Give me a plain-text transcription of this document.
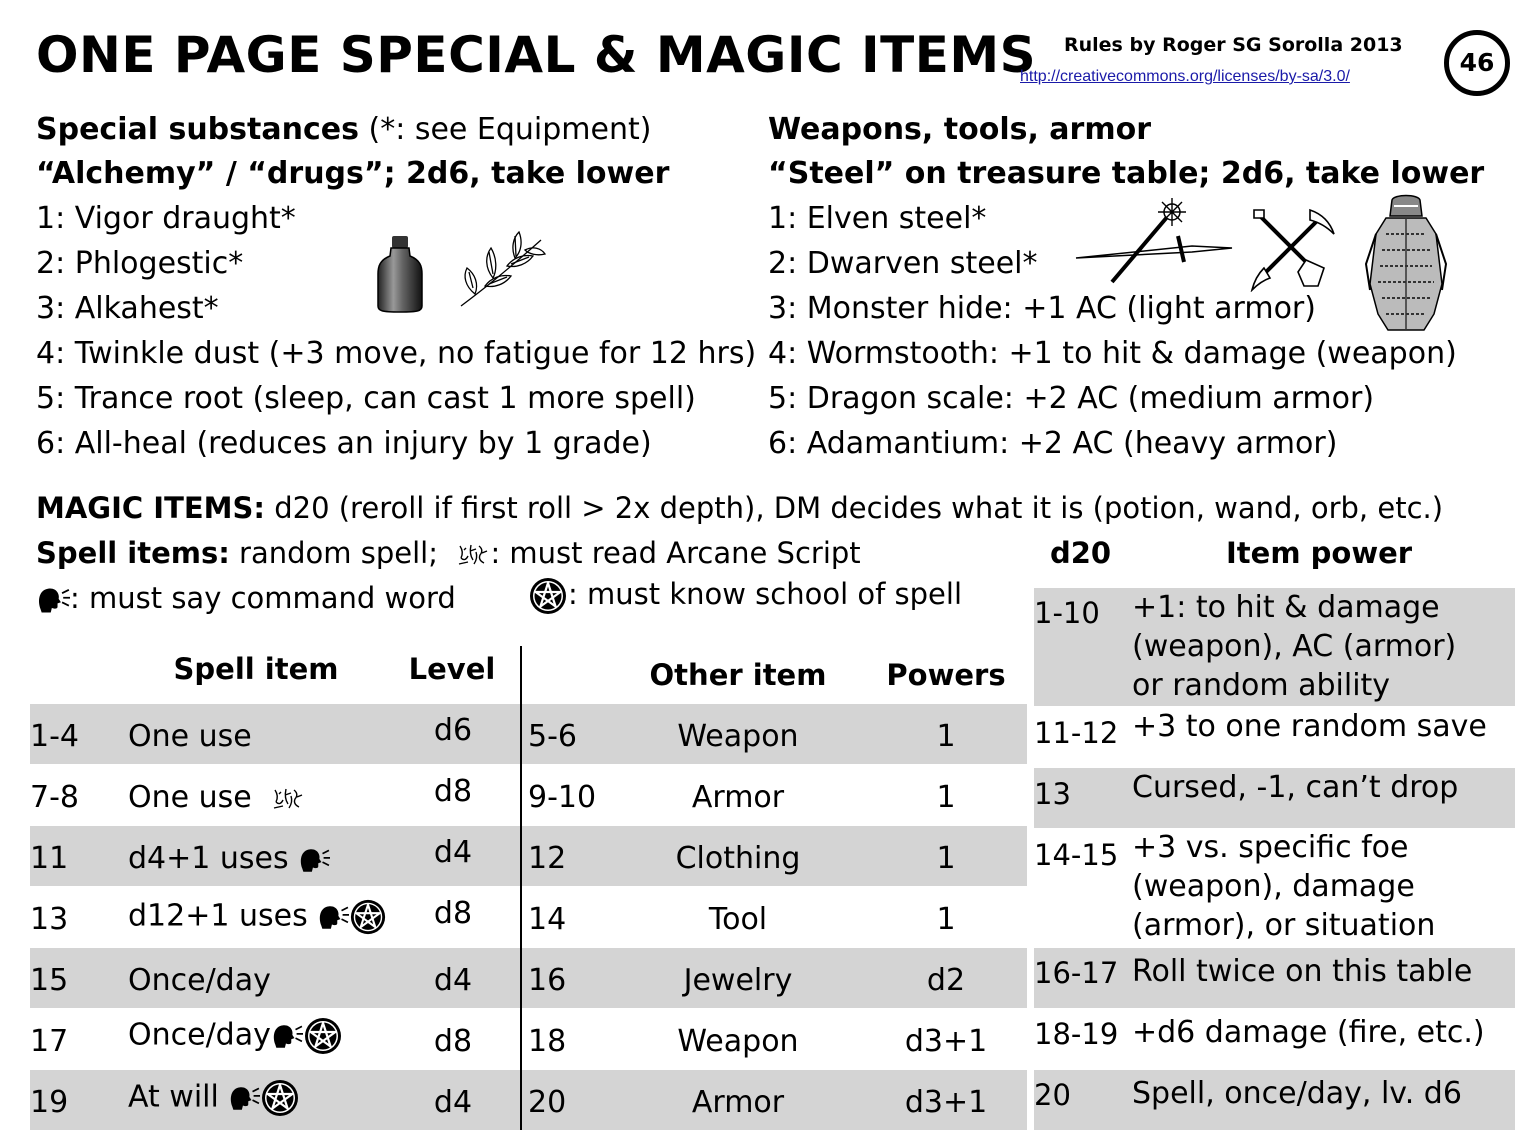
ONE PAGE SPECIAL & MAGIC ITEMS Rules by Roger SG Sorolla 2013
http://creativecommons.org/licenses/by-sa/3.0/	46
Special substances (*: see Equipment)
“Alchemy” / “drugs”; 2d6, take lower
1: Vigor draught*
2: Phlogestic*
3: Alkahest*
4: Twinkle dust (+3 move, no fatigue for 12 hrs)
5: Trance root (sleep, can cast 1 more spell)
6: All-heal (reduces an injury by 1 grade)
Weapons, tools, armor
“Steel” on treasure table; 2d6, take lower
1: Elven steel*
2: Dwarven steel*
3: Monster hide: +1 AC (light armor)
4: Wormstooth: +1 to hit & damage (weapon)
5: Dragon scale: +2 AC (medium armor)
6: Adamantium: +2 AC (heavy armor)
MAGIC ITEMS: d20 (reroll if first roll > 2x depth), DM decides what it is (potion, wand, orb, etc.)
Spell items: random spell; : must read Arcane Script
: must say command word	: must know school of spell
Spell item	Level	Other item	Powers
1-4 One use	d6
7-8 One use	d8
11 d4+1 uses	d4
13 d12+1 uses	d8
15 Once/day	d4
17 Once/day	d8
19 At will	d4
5-6	Weapon	1
9-10	Armor	1
12	Clothing	1
14	Tool	1
16	Jewelry	d2
18	Weapon	d3+1
20	Armor	d3+1
d20	Item power
1-10 +1: to hit & damage
(weapon), AC (armor)
or random ability
11-12 +3 to one random save
13 Cursed, -1, can’t drop
14-15 +3 vs. specific foe
(weapon), damage
(armor), or situation
16-17 Roll twice on this table
18-19 +d6 damage (fire, etc.)
20 Spell, once/day, lv. d6
